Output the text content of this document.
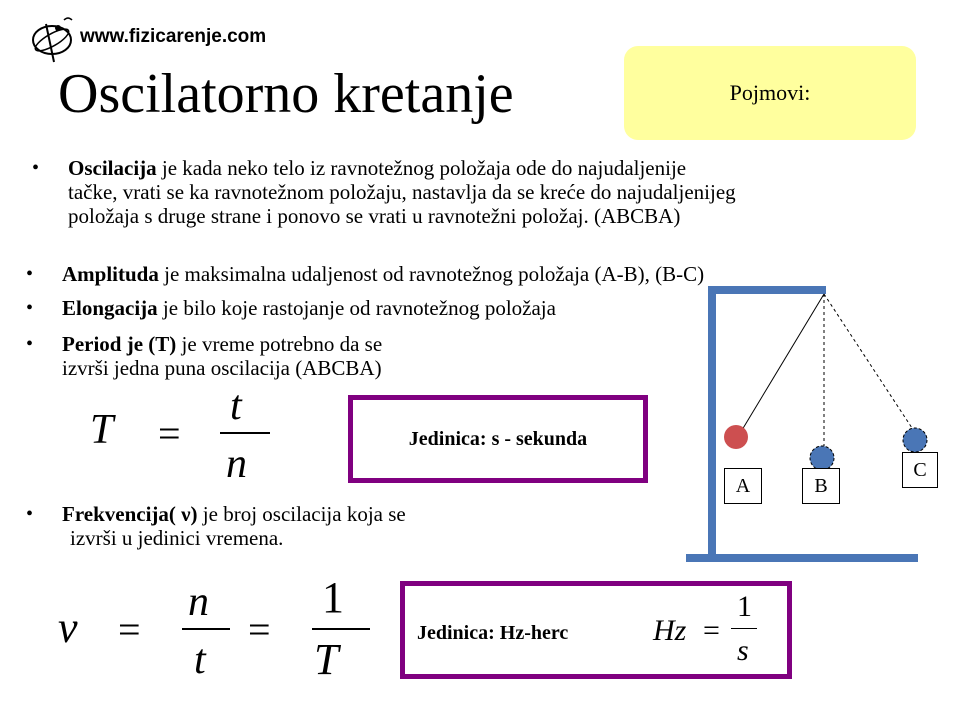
www.fizicarenje.com
Oscilatorno kretanje	Pojmovi:
• Oscilacija je kada neko telo iz ravnotežnog položaja ode do najudaljenije
tačke, vrati se ka ravnotežnom položaju, nastavlja da se kreće do najudaljenijeg
položaja s druge strane i ponovo se vrati u ravnotežni položaj. (ABCBA)
• Amplituda je maksimalna udaljenost od ravnotežnog položaja (A-B), (B-C)
• Elongacija je bilo koje rastojanje od ravnotežnog položaja
• Period je (T) je vreme potrebno da se
izvrši jedna puna oscilacija (ABCBA)
T =
t
n
Jedinica: s - sekunda
• Frekvencija( ν) je broj oscilacija koja se
izvrši u jedinici vremena.
ν =
n
t
=
1
T
Jedinica: Hz-herc	Hz =
1
s
A	B
C
